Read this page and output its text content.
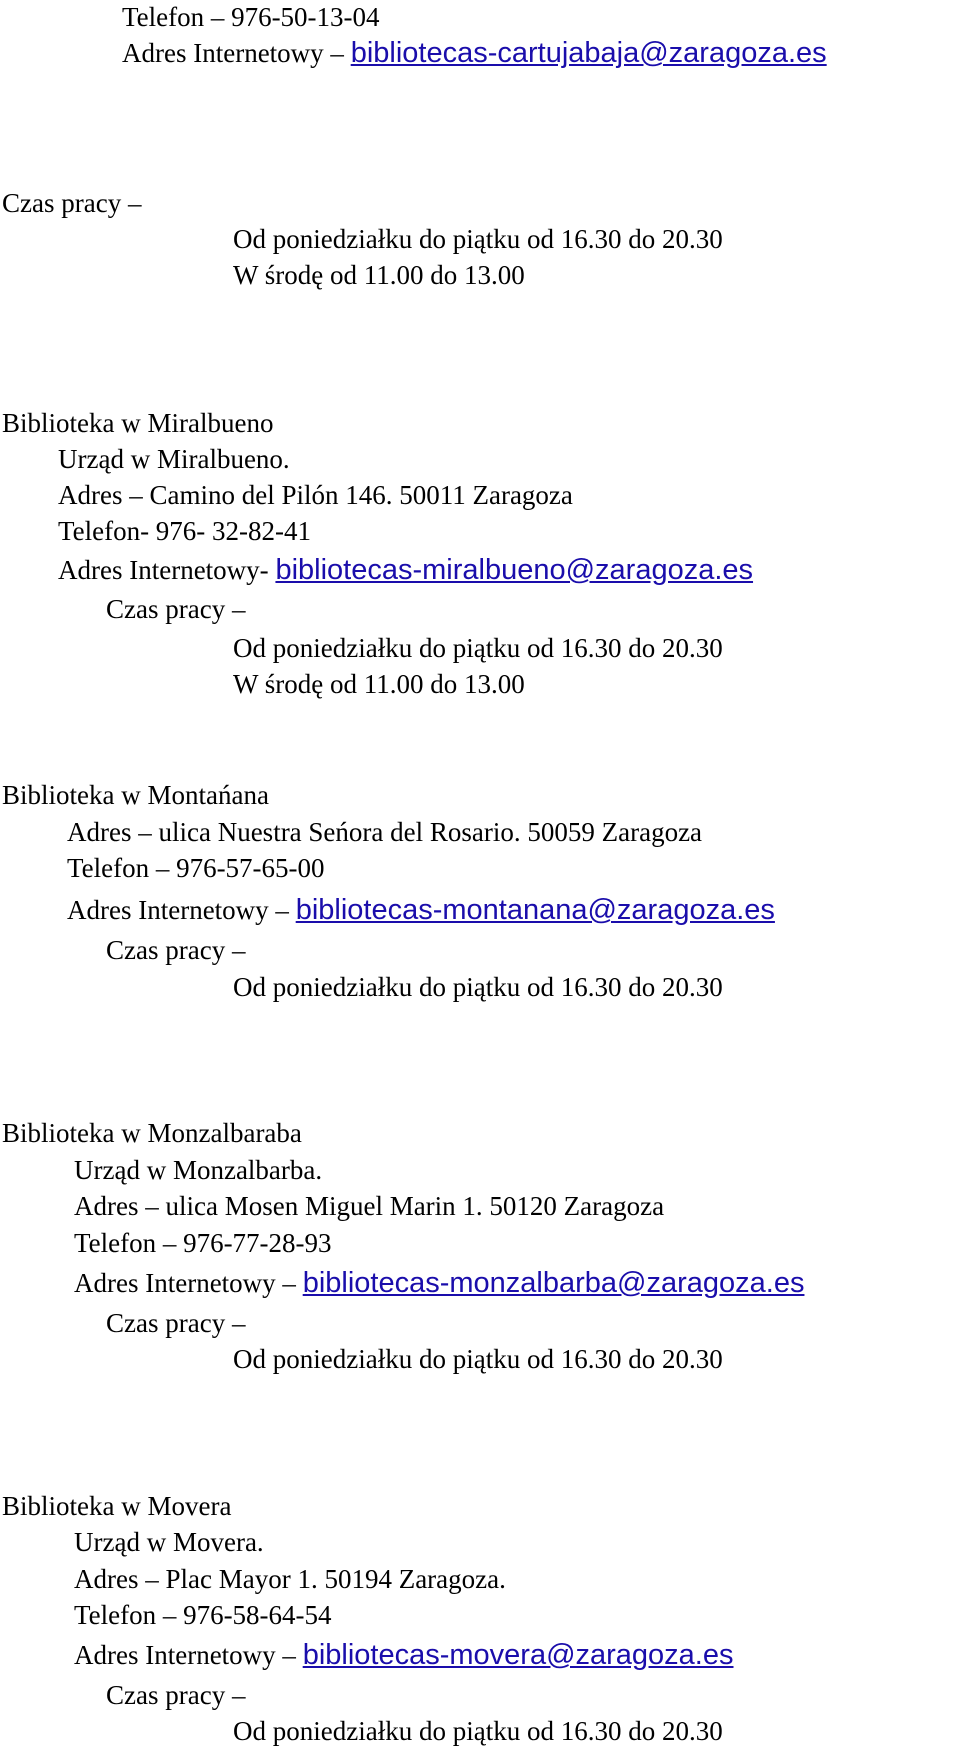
Telefon – 976-50-13-04
Adres Internetowy – bibliotecas-cartujabaja@zaragoza.es
Czas pracy –
Od poniedziałku do piątku od 16.30 do 20.30
W środę od 11.00 do 13.00
Biblioteka w Miralbueno
Urząd w Miralbueno.
Adres – Camino del Pilón 146. 50011 Zaragoza
Telefon- 976- 32-82-41
Adres Internetowy- bibliotecas-miralbueno@zaragoza.es
Czas pracy –
Od poniedziałku do piątku od 16.30 do 20.30
W środę od 11.00 do 13.00
Biblioteka w Montańana
Adres – ulica Nuestra Seńora del Rosario. 50059 Zaragoza
Telefon – 976-57-65-00
Adres Internetowy – bibliotecas-montanana@zaragoza.es
Czas pracy –
Od poniedziałku do piątku od 16.30 do 20.30
Biblioteka w Monzalbaraba
Urząd w Monzalbarba.
Adres – ulica Mosen Miguel Marin 1. 50120 Zaragoza
Telefon – 976-77-28-93
Adres Internetowy – bibliotecas-monzalbarba@zaragoza.es
Czas pracy –
Od poniedziałku do piątku od 16.30 do 20.30
Biblioteka w Movera
Urząd w Movera.
Adres – Plac Mayor 1. 50194 Zaragoza.
Telefon – 976-58-64-54
Adres Internetowy – bibliotecas-movera@zaragoza.es
Czas pracy –
Od poniedziałku do piątku od 16.30 do 20.30
